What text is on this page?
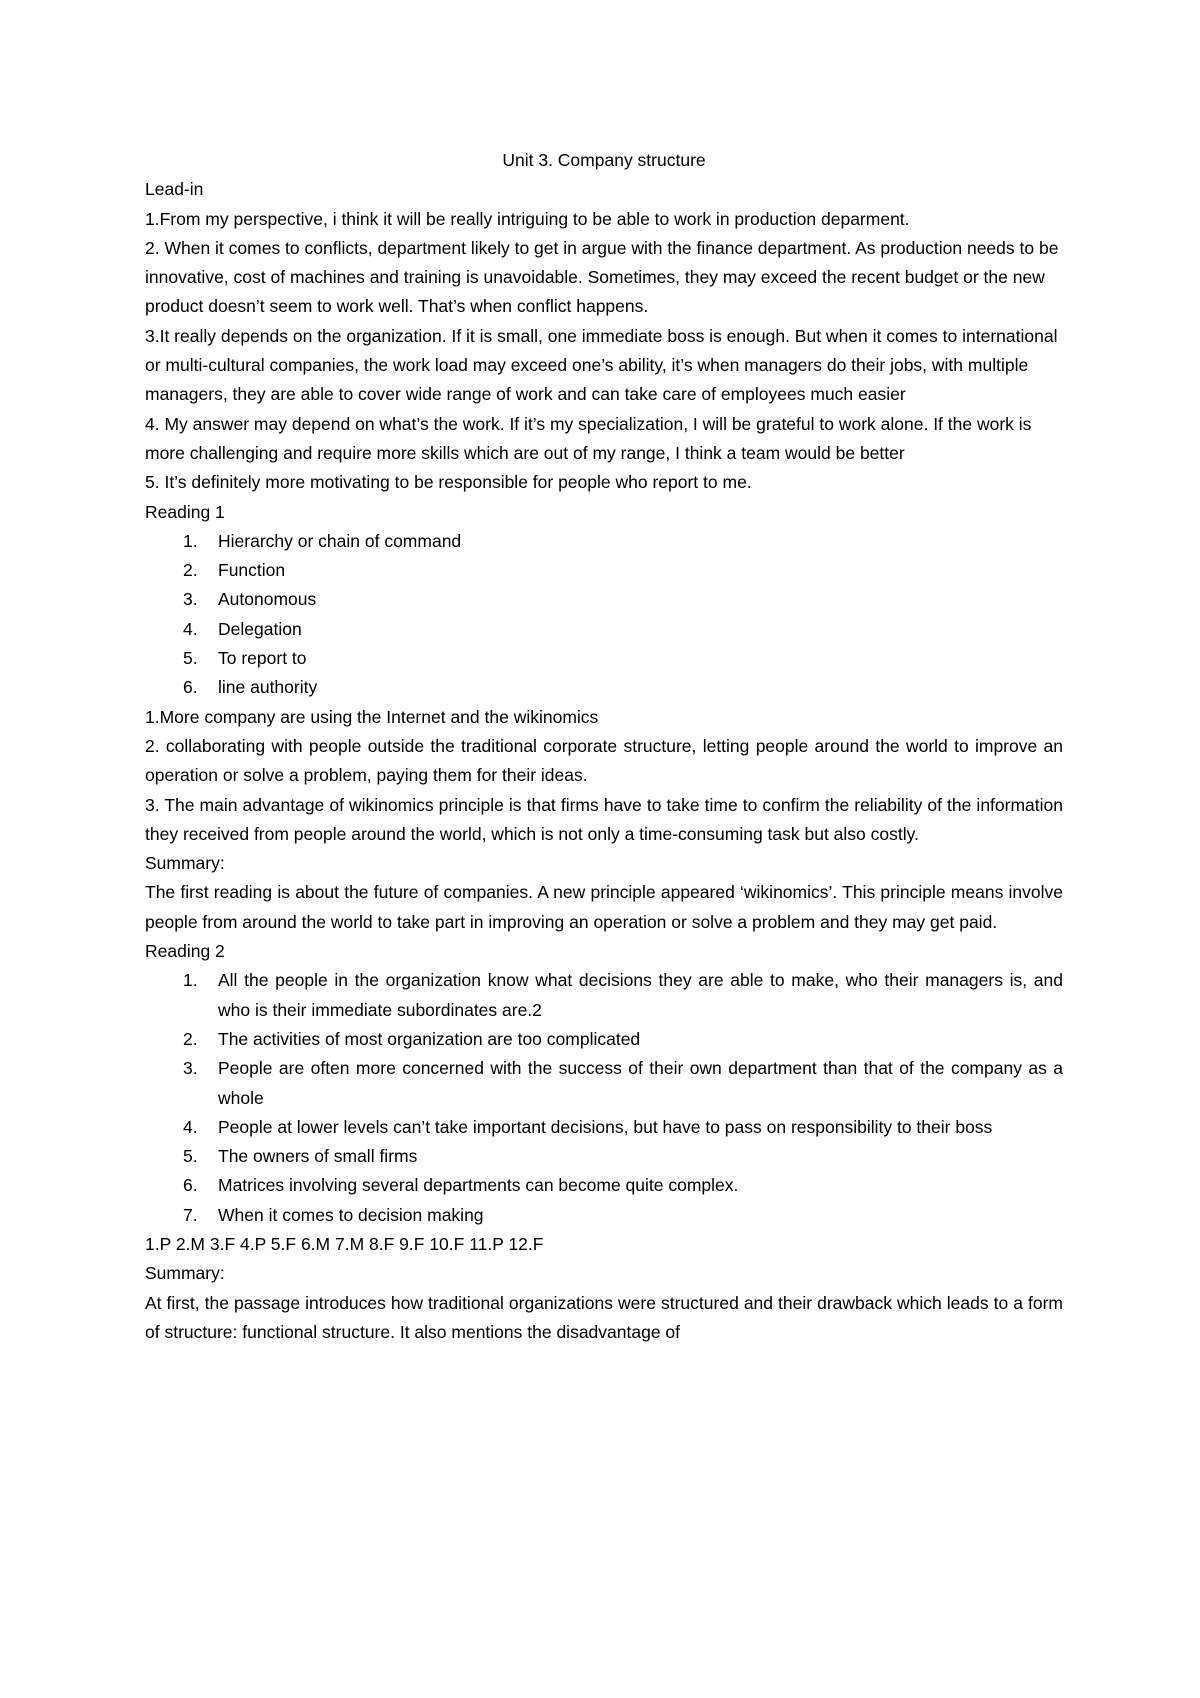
Unit 3. Company structure

Lead-in

1.From my perspective, i think it will be really intriguing to be able to work in production deparment.

2. When it comes to conflicts, department likely to get in argue with the finance department. As production needs to be innovative, cost of machines and training is unavoidable. Sometimes, they may exceed the recent budget or the new product doesn’t seem to work well. That’s when conflict happens.

3.It really depends on the organization. If it is small, one immediate boss is enough. But when it comes to international or multi-cultural companies, the work load may exceed one’s ability, it’s when managers do their jobs, with multiple managers, they are able to cover wide range of work and can take care of employees much easier

4. My answer may depend on what’s the work. If it’s my specialization, I will be grateful to work alone. If the work is more challenging and require more skills which are out of my range, I think a team would be better

5. It’s definitely more motivating to be responsible for people who report to me.

Reading 1

1. Hierarchy or chain of command
2. Function
3. Autonomous
4. Delegation
5. To report to
6. line authority

1.More company are using the Internet and the wikinomics

2. collaborating with people outside the traditional corporate structure, letting people around the world to improve an operation or solve a problem, paying them for their ideas.

3. The main advantage of wikinomics principle is that firms have to take time to confirm the reliability of the information they received from people around the world, which is not only a time-consuming task but also costly.

Summary:

The first reading is about the future of companies. A new principle appeared ‘wikinomics’. This principle means involve people from around the world to take part in improving an operation or solve a problem and they may get paid.

Reading 2

1. All the people in the organization know what decisions they are able to make, who their managers is, and who is their immediate subordinates are.2
2. The activities of most organization are too complicated
3. People are often more concerned with the success of their own department than that of the company as a whole
4. People at lower levels can’t take important decisions, but have to pass on responsibility to their boss
5. The owners of small firms
6. Matrices involving several departments can become quite complex.
7. When it comes to decision making

1.P 2.M 3.F 4.P 5.F 6.M 7.M 8.F 9.F 10.F 11.P 12.F

Summary:

At first, the passage introduces how traditional organizations were structured and their drawback which leads to a form of structure: functional structure. It also mentions the disadvantage of
